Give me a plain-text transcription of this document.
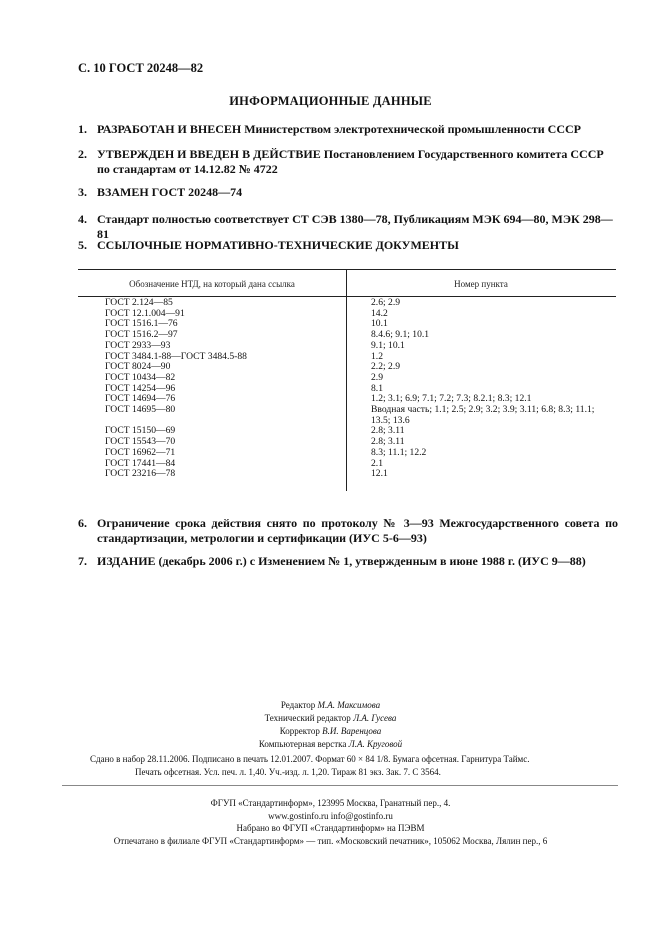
С. 10 ГОСТ 20248—82
ИНФОРМАЦИОННЫЕ ДАННЫЕ
1. РАЗРАБОТАН И ВНЕСЕН Министерством электротехнической промышленности СССР
2. УТВЕРЖДЕН И ВВЕДЕН В ДЕЙСТВИЕ Постановлением Государственного комитета СССР по стандартам от 14.12.82 № 4722
3. ВЗАМЕН ГОСТ 20248—74
4. Стандарт полностью соответствует СТ СЭВ 1380—78, Публикациям МЭК 694—80, МЭК 298—81
5. ССЫЛОЧНЫЕ НОРМАТИВНО-ТЕХНИЧЕСКИЕ ДОКУМЕНТЫ
Обозначение НТД, на который дана ссылка	Номер пункта
ГОСТ 2.124—85	2.6; 2.9
ГОСТ 12.1.004—91	14.2
ГОСТ 1516.1—76	10.1
ГОСТ 1516.2—97	8.4.6; 9.1; 10.1
ГОСТ 2933—93	9.1; 10.1
ГОСТ 3484.1-88—ГОСТ 3484.5-88	1.2
ГОСТ 8024—90	2.2; 2.9
ГОСТ 10434—82	2.9
ГОСТ 14254—96	8.1
ГОСТ 14694—76	1.2; 3.1; 6.9; 7.1; 7.2; 7.3; 8.2.1; 8.3; 12.1
ГОСТ 14695—80	Вводная часть; 1.1; 2.5; 2.9; 3.2; 3.9; 3.11; 6.8; 8.3; 11.1; 13.5; 13.6
ГОСТ 15150—69	2.8; 3.11
ГОСТ 15543—70	2.8; 3.11
ГОСТ 16962—71	8.3; 11.1; 12.2
ГОСТ 17441—84	2.1
ГОСТ 23216—78	12.1
6. Ограничение срока действия снято по протоколу № 3—93 Межгосударственного совета по стандартизации, метрологии и сертификации (ИУС 5-6—93)
7. ИЗДАНИЕ (декабрь 2006 г.) с Изменением № 1, утвержденным в июне 1988 г. (ИУС 9—88)
Редактор М.А. Максимова
Технический редактор Л.А. Гусева
Корректор В.И. Варенцова
Компьютерная верстка Л.А. Круговой
Сдано в набор 28.11.2006. Подписано в печать 12.01.2007. Формат 60 × 84 1/8. Бумага офсетная. Гарнитура Таймс.
Печать офсетная. Усл. печ. л. 1,40. Уч.-изд. л. 1,20. Тираж 81 экз. Зак. 7. С 3564.
ФГУП «Стандартинформ», 123995 Москва, Гранатный пер., 4.
www.gostinfo.ru info@gostinfo.ru
Набрано во ФГУП «Стандартинформ» на ПЭВМ
Отпечатано в филиале ФГУП «Стандартинформ» — тип. «Московский печатник», 105062 Москва, Лялин пер., 6
